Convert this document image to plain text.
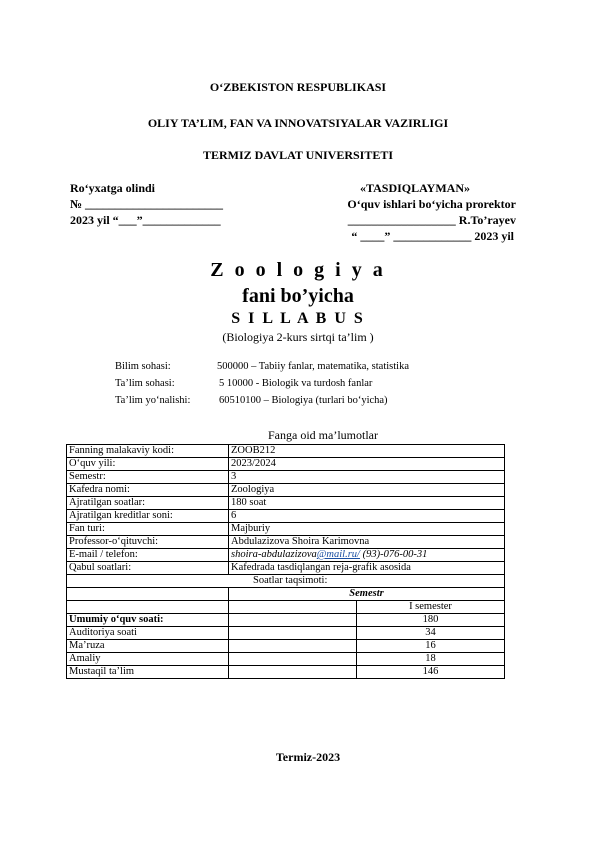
O‘ZBEKISTON RESPUBLIKASI
OLIY TA’LIM, FAN VA INNOVATSIYALAR VAZIRLIGI
TERMIZ DAVLAT UNIVERSITETI
Ro‘yxatga olindi
№ _______________________
2023 yil “___”_____________
«TASDIQLAYMAN»
O‘quv ishlari bo‘yicha prorektor
__________________ R.To’rayev
“ ____” _____________ 2023 yil
Z o o l o g i y a
fani bo’yicha
S I L L A B U S
(Biologiya 2-kurs sirtqi ta’lim )
Bilim sohasi:	500000 – Tabiiy fanlar, matematika, statistika
Ta’lim sohasi:	5 10000 - Biologik va turdosh fanlar
Ta’lim yo‘nalishi:	60510100 – Biologiya (turlari bo‘yicha)
Fanga oid ma’lumotlar
Fanning malakaviy kodi:	ZOOB212	
O‘quv yili:	2023/2024	
Semestr:	3	
Kafedra nomi:	Zoologiya	
Ajratilgan soatlar:	180 soat	
Ajratilgan kreditlar soni:	6	
Fan turi:	Majburiy	
Professor-o‘qituvchi:	Abdulazizova Shoira Karimovna	
E-mail / telefon:	shoira-abdulazizova@mail.ru/ (93)-076-00-31	
Qabul soatlari:	Kafedrada tasdiqlangan reja-grafik asosida	
Soatlar taqsimoti:		
	Semestr	
		I semester
Umumiy o‘quv soati:		180
Auditoriya soati		34
Ma’ruza		16
Amaliy		18
Mustaqil ta’lim		146
Termiz-2023
